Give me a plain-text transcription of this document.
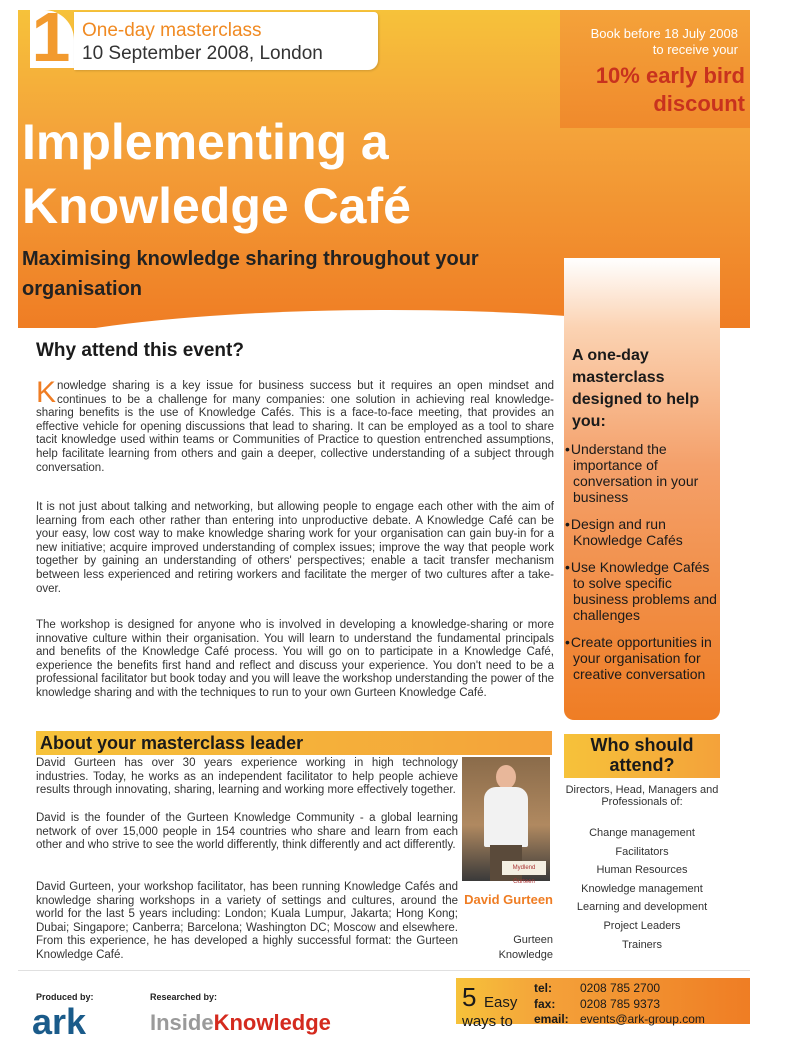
1 One-day masterclass
10 September 2008, London
Book before 18 July 2008
to receive your
10% early bird discount
Implementing a Knowledge Café
Maximising knowledge sharing throughout your organisation
A one-day masterclass designed to help you:
• Understand the importance of conversation in your business
• Design and run Knowledge Cafés
• Use Knowledge Cafés to solve specific business problems and challenges
• Create opportunities in your organisation for creative conversation
Why attend this event?

Knowledge sharing is a key issue for business success but it requires an open mindset and continues to be a challenge for many companies: one solution in achieving real knowledge-sharing benefits is the use of Knowledge Cafés. This is a face-to-face meeting, that provides an effective vehicle for opening discussions that lead to sharing. It can be employed as a tool to share tacit knowledge used within teams or Communities of Practice to question entrenched assumptions, help facilitate learning from others and gain a deeper, collective understanding of a subject through conversation.

It is not just about talking and networking, but allowing people to engage each other with the aim of learning from each other rather than entering into unproductive debate. A Knowledge Café can be your easy, low cost way to make knowledge sharing work for your organisation can gain buy-in for a new initiative; acquire improved understanding of complex issues; improve the way that people work together by gaining an understanding of others' perspectives; enable a tacit transfer mechanism between less experienced and retiring workers and facilitate the merger of two cultures after a take-over.

The workshop is designed for anyone who is involved in developing a knowledge-sharing or more innovative culture within their organisation. You will learn to understand the fundamental principals and benefits of the Knowledge Café process. You will go on to participate in a Knowledge Café, experience the benefits first hand and reflect and discuss your experience. You don't need to be a professional facilitator but book today and you will leave the workshop understanding the power of the knowledge sharing and with the techniques to run to your own Gurteen Knowledge Café.

About your masterclass leader

David Gurteen has over 30 years experience working in high technology industries. Today, he works as an independent facilitator to help people achieve results through innovating, sharing, learning and working more effectively together.

David is the founder of the Gurteen Knowledge Community - a global learning network of over 15,000 people in 154 countries who share and learn from each other and who strive to see the world differently, think differently and act differently.

David Gurteen, your workshop facilitator, has been running Knowledge Cafés and knowledge sharing workshops in a variety of settings and cultures, around the world for the last 5 years including: London; Kuala Lumpur, Jakarta; Hong Kong; Dubai; Singapore; Canberra; Barcelona; Washington DC; Moscow and elsewhere. From this experience, he has developed a highly successful format: the Gurteen Knowledge Café.

Mydlend Gurteen
David Gurteen
Gurteen Knowledge
Who should attend?
Directors, Head, Managers and Professionals of:
Change management
Facilitators
Human Resources
Knowledge management
Learning and development
Project Leaders
Trainers
Produced by:	Researched by:
ark	InsideKnowledge
5 Easy
ways to
tel: 0208 785 2700
fax: 0208 785 9373
email: events@ark-group.com
